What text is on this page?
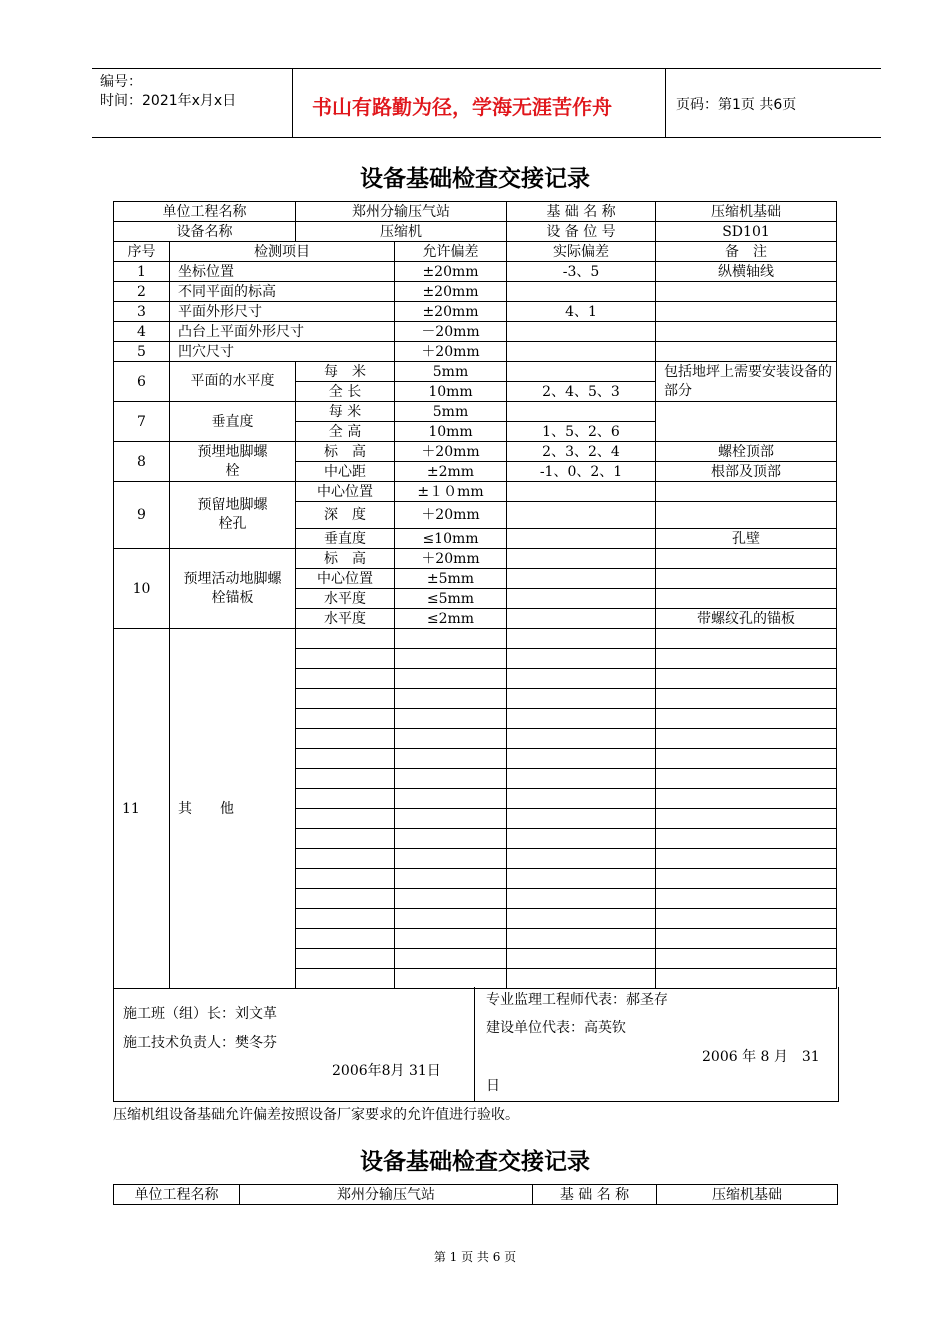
编号：
时间：2021年x月x日	书山有路勤为径，学海无涯苦作舟	页码：第1页 共6页
设备基础检查交接记录
单位工程名称		郑州分输压气站		基 础 名 称	压缩机基础
设备名称		压缩机		设 备 位 号	SD101
序号	检测项目		允许偏差	实际偏差	备　注
1	坐标位置		±20mm	-3、5	纵横轴线
2	不同平面的标高		±20mm		
3	平面外形尺寸		±20mm	4、1	
4	凸台上平面外形尺寸		－20mm		
5	凹穴尺寸		＋20mm		
6	平面的水平度	每　米	5mm		包括地坪上需要安装设备的部分
		全 长	10mm	2、4、5、3	
7	垂直度	每 米	5mm		
		全 高	10mm	1、5、2、6	
8	预埋地脚螺栓	标　高	＋20mm	2、3、2、4	螺栓顶部
		中心距	±2mm	-1、0、2、1	根部及顶部
9	预留地脚螺栓孔	中心位置	±１０mm		
		深　度	＋20mm		
		垂直度	≤10mm		孔壁
10	预埋活动地脚螺栓锚板	标　高	＋20mm		
		中心位置	±5mm		
		水平度	≤5mm		
		水平度	≤2mm		带螺纹孔的锚板
11	其　　他				

施工班（组）长：刘文革
施工技术负责人：樊冬芬
2006年8月 31日
专业监理工程师代表：郝圣存
建设单位代表：高英钦
2006 年 8 月　31
日
压缩机组设备基础允许偏差按照设备厂家要求的允许值进行验收。
设备基础检查交接记录
单位工程名称	郑州分输压气站	基 础 名 称	压缩机基础
第 1 页 共 6 页
